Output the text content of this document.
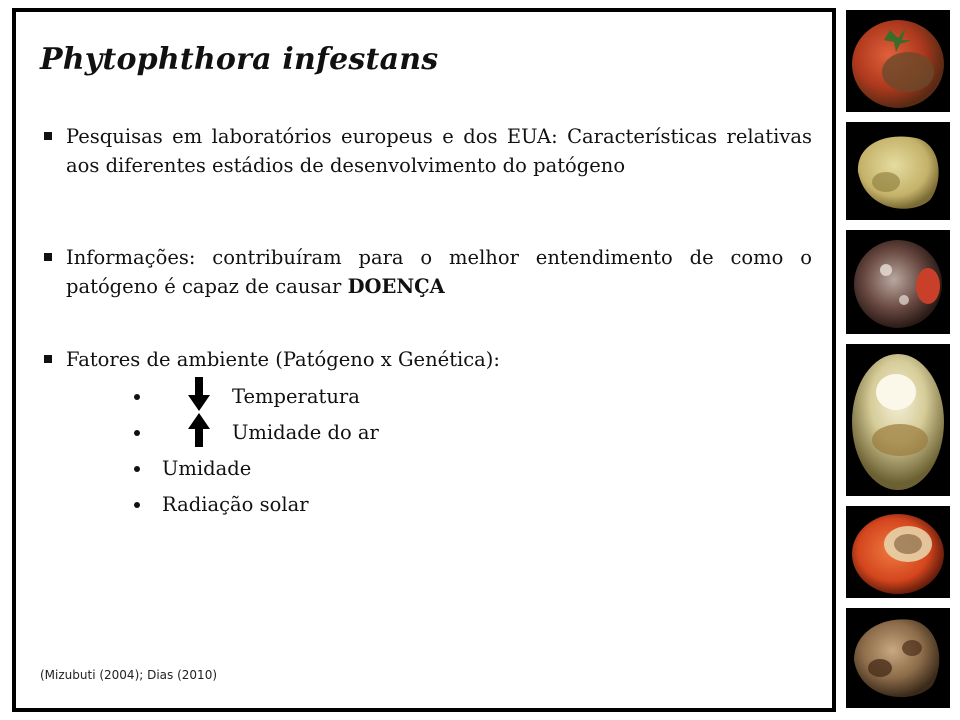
Phytophthora infestans
Pesquisas em laboratórios europeus e dos EUA: Características relativas aos diferentes estádios de desenvolvimento do patógeno
Informações: contribuíram para o melhor entendimento de como o patógeno é capaz de causar DOENÇA
Fatores de ambiente (Patógeno x Genética):
Temperatura
Umidade do ar
Umidade
Radiação solar
(Mizubuti (2004); Dias (2010)
